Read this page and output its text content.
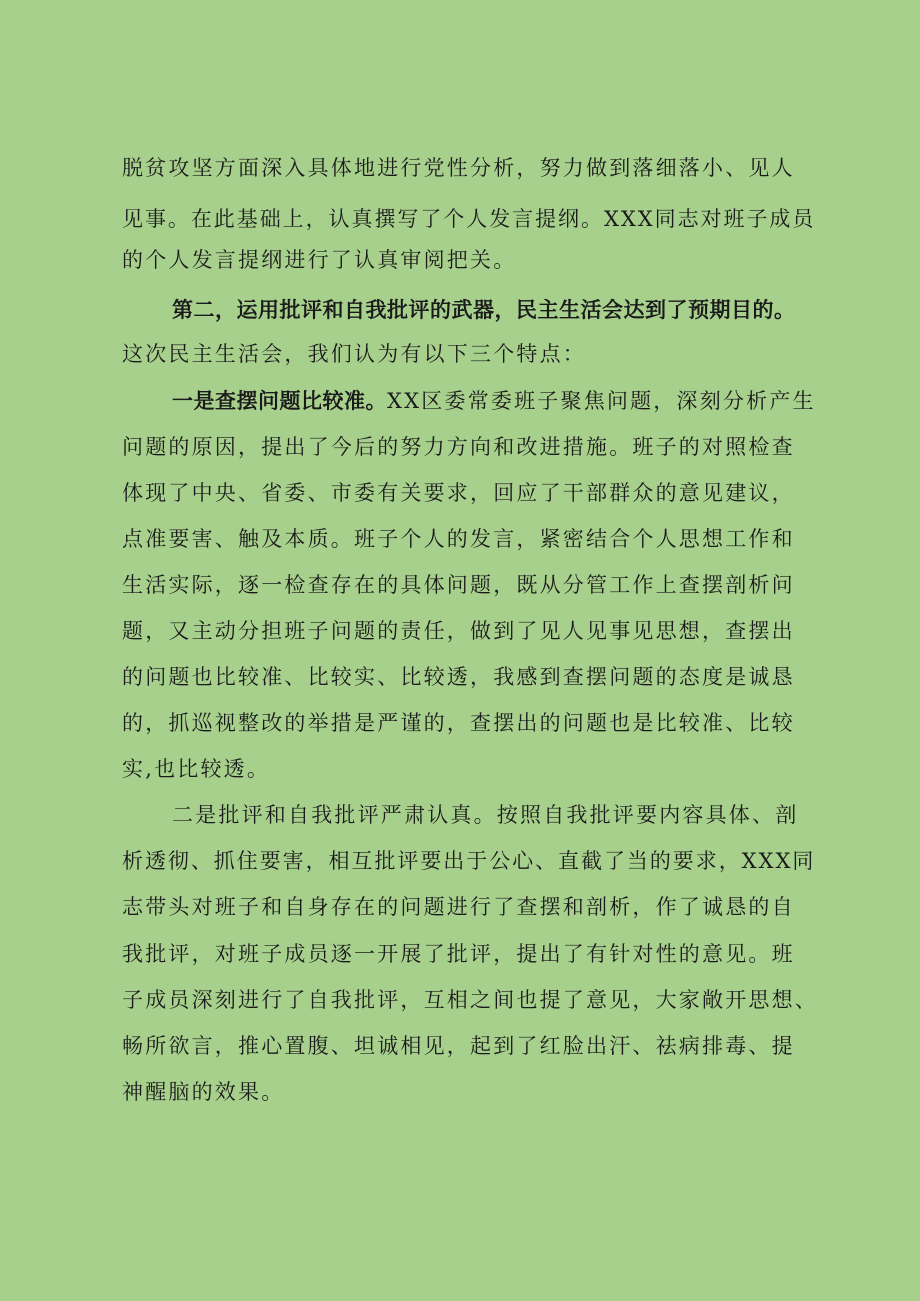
脱贫攻坚方面深入具体地进行党性分析，努力做到落细落小、见人
见事。在此基础上，认真撰写了个人发言提纲。XXX同志对班子成员
的个人发言提纲进行了认真审阅把关。
第二，运用批评和自我批评的武器，民主生活会达到了预期目的。
这次民主生活会，我们认为有以下三个特点：
一是查摆问题比较准。XX区委常委班子聚焦问题，深刻分析产生
问题的原因，提出了今后的努力方向和改进措施。班子的对照检查
体现了中央、省委、市委有关要求，回应了干部群众的意见建议，
点准要害、触及本质。班子个人的发言，紧密结合个人思想工作和
生活实际，逐一检查存在的具体问题，既从分管工作上查摆剖析问
题，又主动分担班子问题的责任，做到了见人见事见思想，查摆出
的问题也比较准、比较实、比较透，我感到查摆问题的态度是诚恳
的，抓巡视整改的举措是严谨的，查摆出的问题也是比较准、比较
实,也比较透。
二是批评和自我批评严肃认真。按照自我批评要内容具体、剖
析透彻、抓住要害，相互批评要出于公心、直截了当的要求，XXX同
志带头对班子和自身存在的问题进行了查摆和剖析，作了诚恳的自
我批评，对班子成员逐一开展了批评，提出了有针对性的意见。班
子成员深刻进行了自我批评，互相之间也提了意见，大家敞开思想、
畅所欲言，推心置腹、坦诚相见，起到了红脸出汗、祛病排毒、提
神醒脑的效果。
